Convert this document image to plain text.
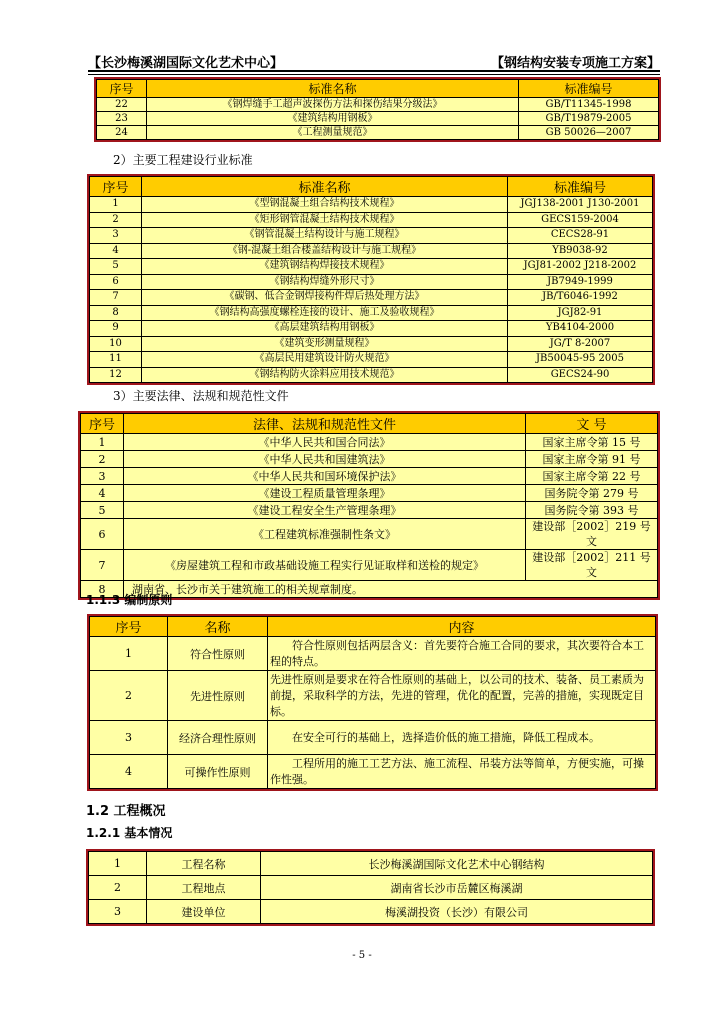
【长沙梅溪湖国际文化艺术中心】	【钢结构安装专项施工方案】
序号	标准名称	标准编号
22	《钢焊缝手工超声波探伤方法和探伤结果分级法》	GB/T11345-1998
23	《建筑结构用钢板》	GB/T19879-2005
24	《工程测量规范》	GB 50026—2007
2）主要工程建设行业标准
序号	标准名称	标准编号
1	《型钢混凝土组合结构技术规程》	JGJ138-2001 J130-2001
2	《矩形钢管混凝土结构技术规程》	GECS159-2004
3	《钢管混凝土结构设计与施工规程》	CECS28-91
4	《钢-混凝土组合楼盖结构设计与施工规程》	YB9038-92
5	《建筑钢结构焊接技术规程》	JGJ81-2002 J218-2002
6	《钢结构焊缝外形尺寸》	JB7949-1999
7	《碳钢、低合金钢焊接构件焊后热处理方法》	JB/T6046-1992
8	《钢结构高强度螺栓连接的设计、施工及验收规程》	JGJ82-91
9	《高层建筑结构用钢板》	YB4104-2000
10	《建筑变形测量规程》	JG/T 8-2007
11	《高层民用建筑设计防火规范》	JB50045-95 2005
12	《钢结构防火涂料应用技术规范》	GECS24-90
3）主要法律、法规和规范性文件
序号	法律、法规和规范性文件	文 号
1	《中华人民共和国合同法》	国家主席令第 15 号
2	《中华人民共和国建筑法》	国家主席令第 91 号
3	《中华人民共和国环境保护法》	国家主席令第 22 号
4	《建设工程质量管理条理》	国务院令第 279 号
5	《建设工程安全生产管理条理》	国务院令第 393 号
6	《工程建筑标准强制性条文》	建设部［2002］219 号文
7	《房屋建筑工程和市政基础设施工程实行见证取样和送检的规定》	建设部［2002］211 号文
8	湖南省、长沙市关于建筑施工的相关规章制度。	
1.1.3 编制原则
序号	名称	内容
1	符合性原则	符合性原则包括两层含义：首先要符合施工合同的要求，其次要符合本工程的特点。
2	先进性原则	先进性原则是要求在符合性原则的基础上，以公司的技术、装备、员工素质为前提，采取科学的方法，先进的管理，优化的配置，完善的措施，实现既定目标。
3	经济合理性原则	在安全可行的基础上，选择造价低的施工措施，降低工程成本。
4	可操作性原则	工程所用的施工工艺方法、施工流程、吊装方法等简单，方便实施，可操作性强。
1.2 工程概况
1.2.1 基本情况
1	工程名称	长沙梅溪湖国际文化艺术中心钢结构
2	工程地点	湖南省长沙市岳麓区梅溪湖
3	建设单位	梅溪湖投资（长沙）有限公司
- 5 -
